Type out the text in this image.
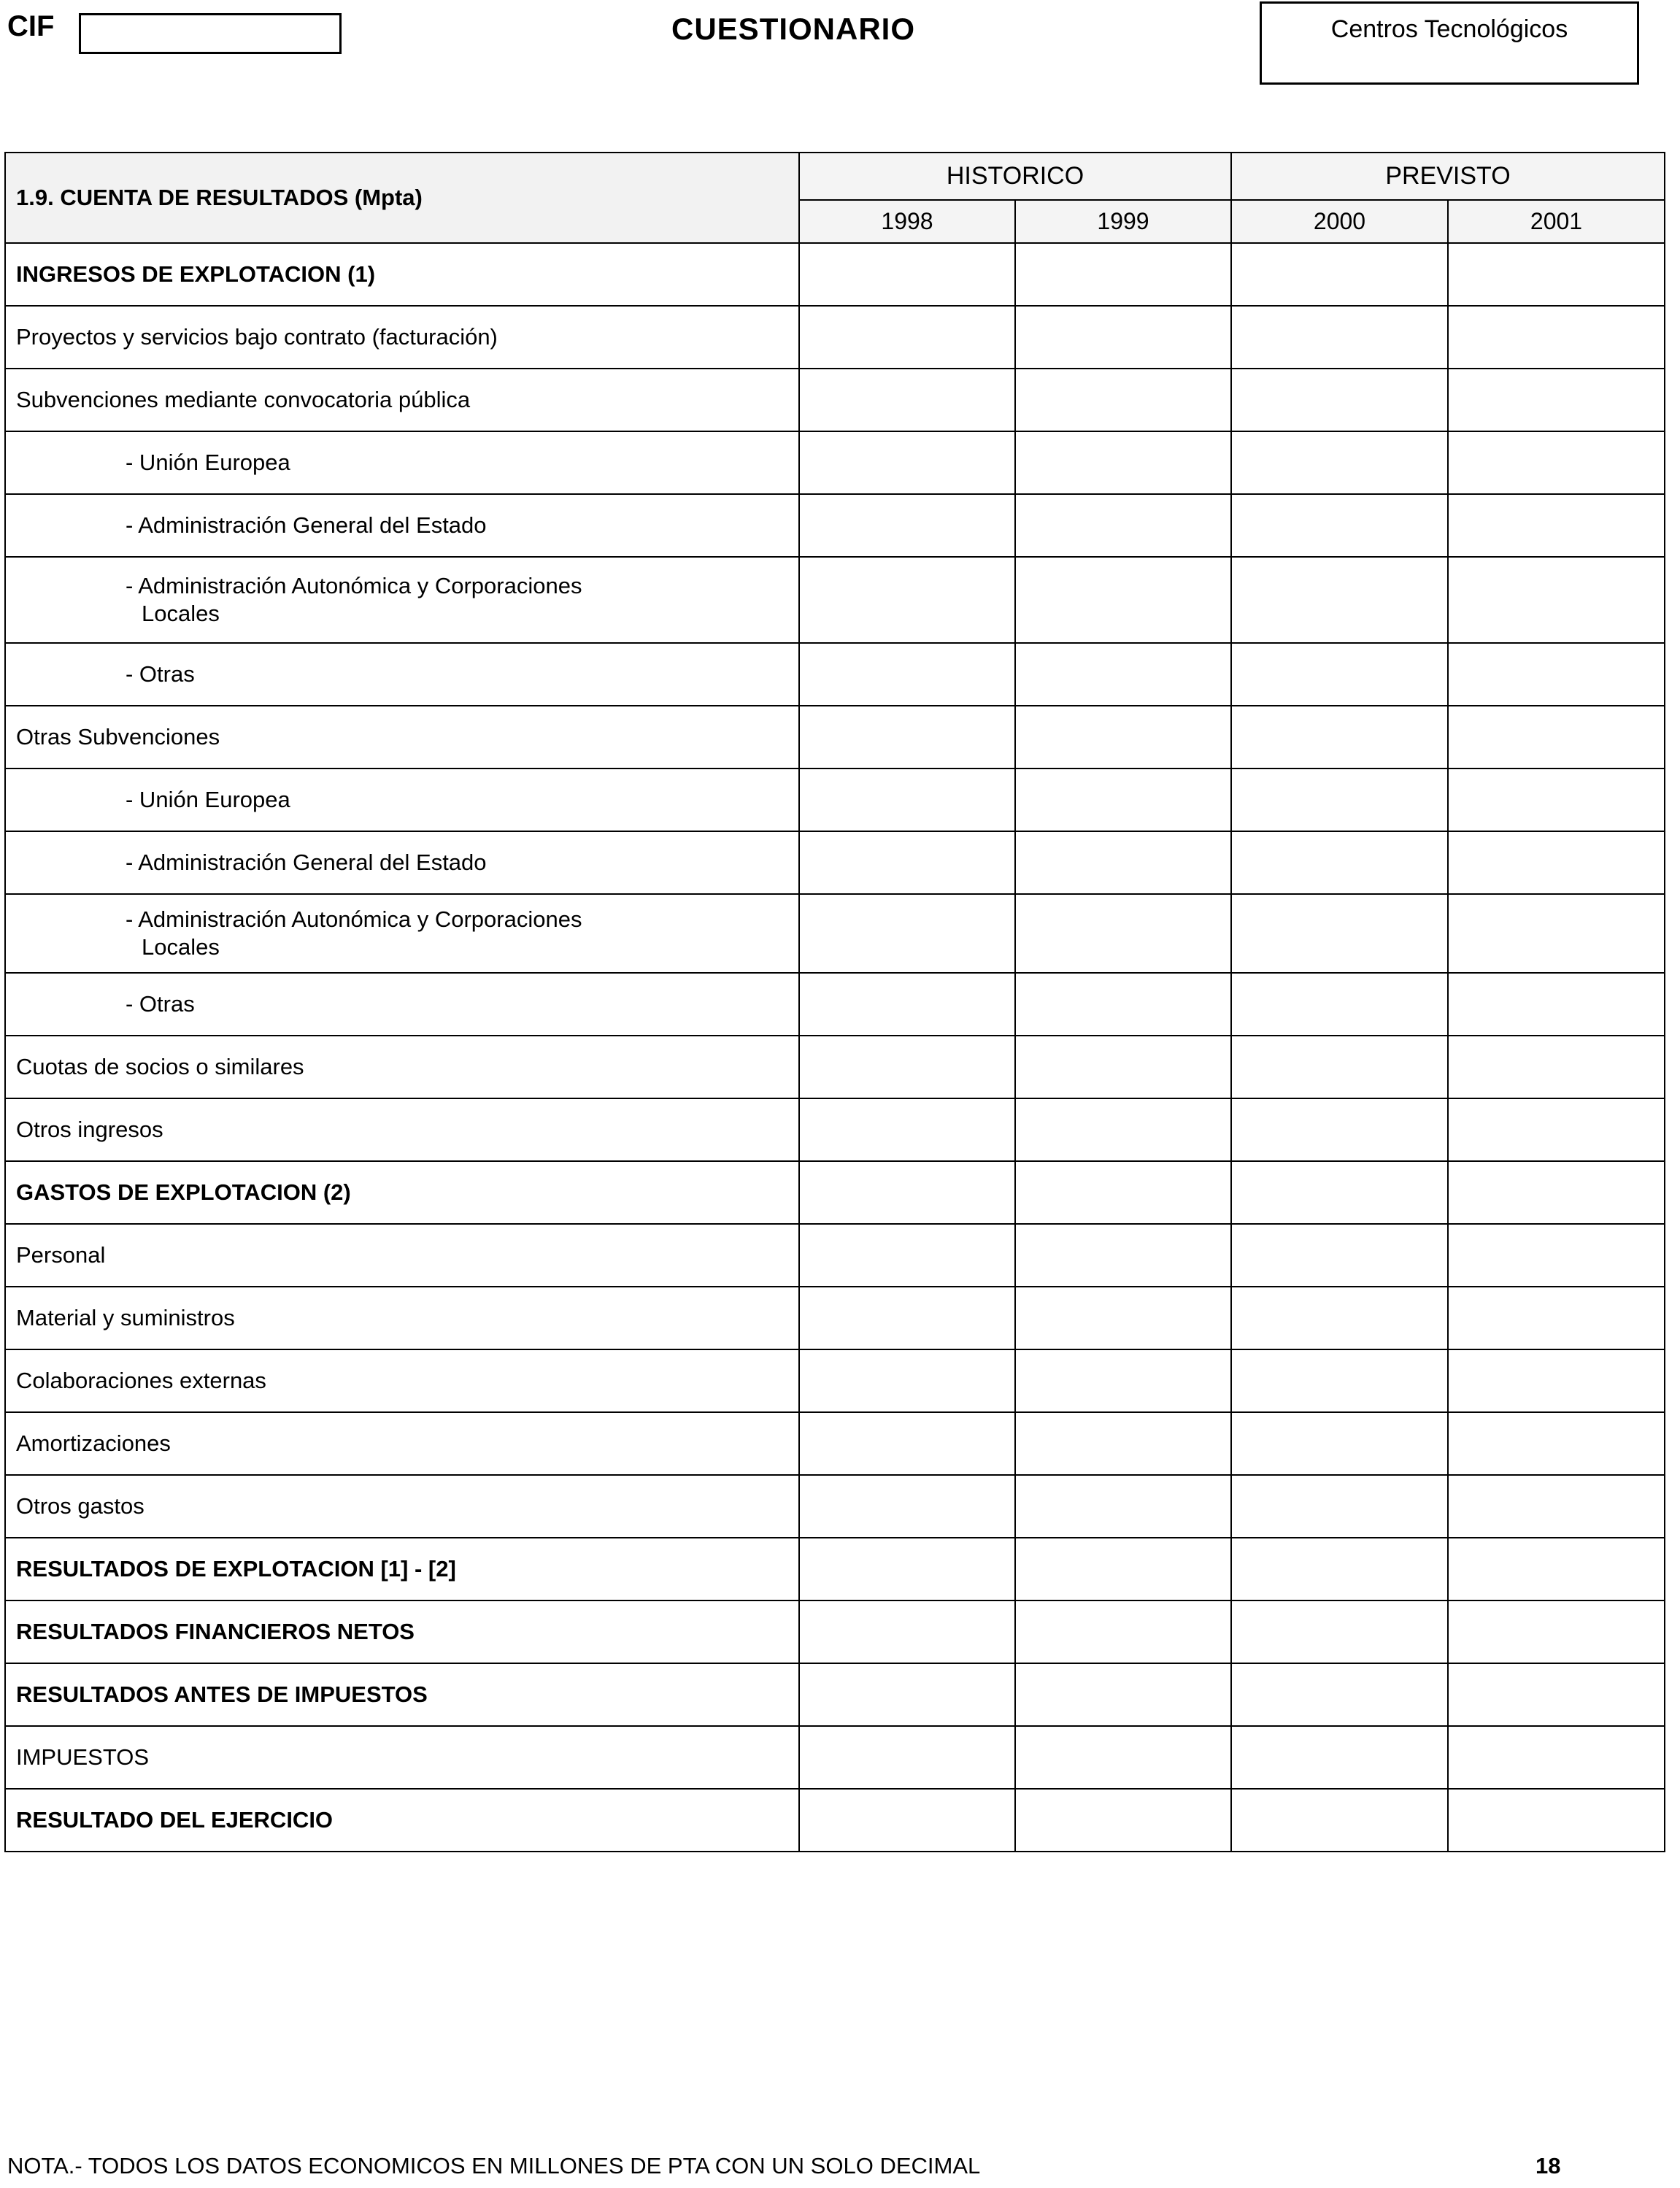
CIF	CUESTIONARIO	Centros Tecnológicos
1.9. CUENTA DE RESULTADOS (Mpta)	HISTORICO		PREVISTO	
	1998	1999	2000	2001
INGRESOS DE EXPLOTACION (1)				
Proyectos y servicios bajo contrato (facturación)				
Subvenciones mediante convocatoria pública				
- Unión Europea				
- Administración General del Estado				
- Administración Autonómica y Corporaciones
Locales				

- Otras				
Otras Subvenciones				
- Unión Europea				
- Administración General del Estado				
- Administración Autonómica y Corporaciones
Locales				

- Otras				
Cuotas de socios o similares				
Otros ingresos				
GASTOS DE EXPLOTACION (2)				
Personal				
Material y suministros				
Colaboraciones externas				
Amortizaciones				
Otros gastos				
RESULTADOS DE EXPLOTACION [1] - [2]				
RESULTADOS FINANCIEROS NETOS				
RESULTADOS ANTES DE IMPUESTOS				
IMPUESTOS				
RESULTADO DEL EJERCICIO				
NOTA.- TODOS LOS DATOS ECONOMICOS EN MILLONES DE PTA CON UN SOLO DECIMAL	18
